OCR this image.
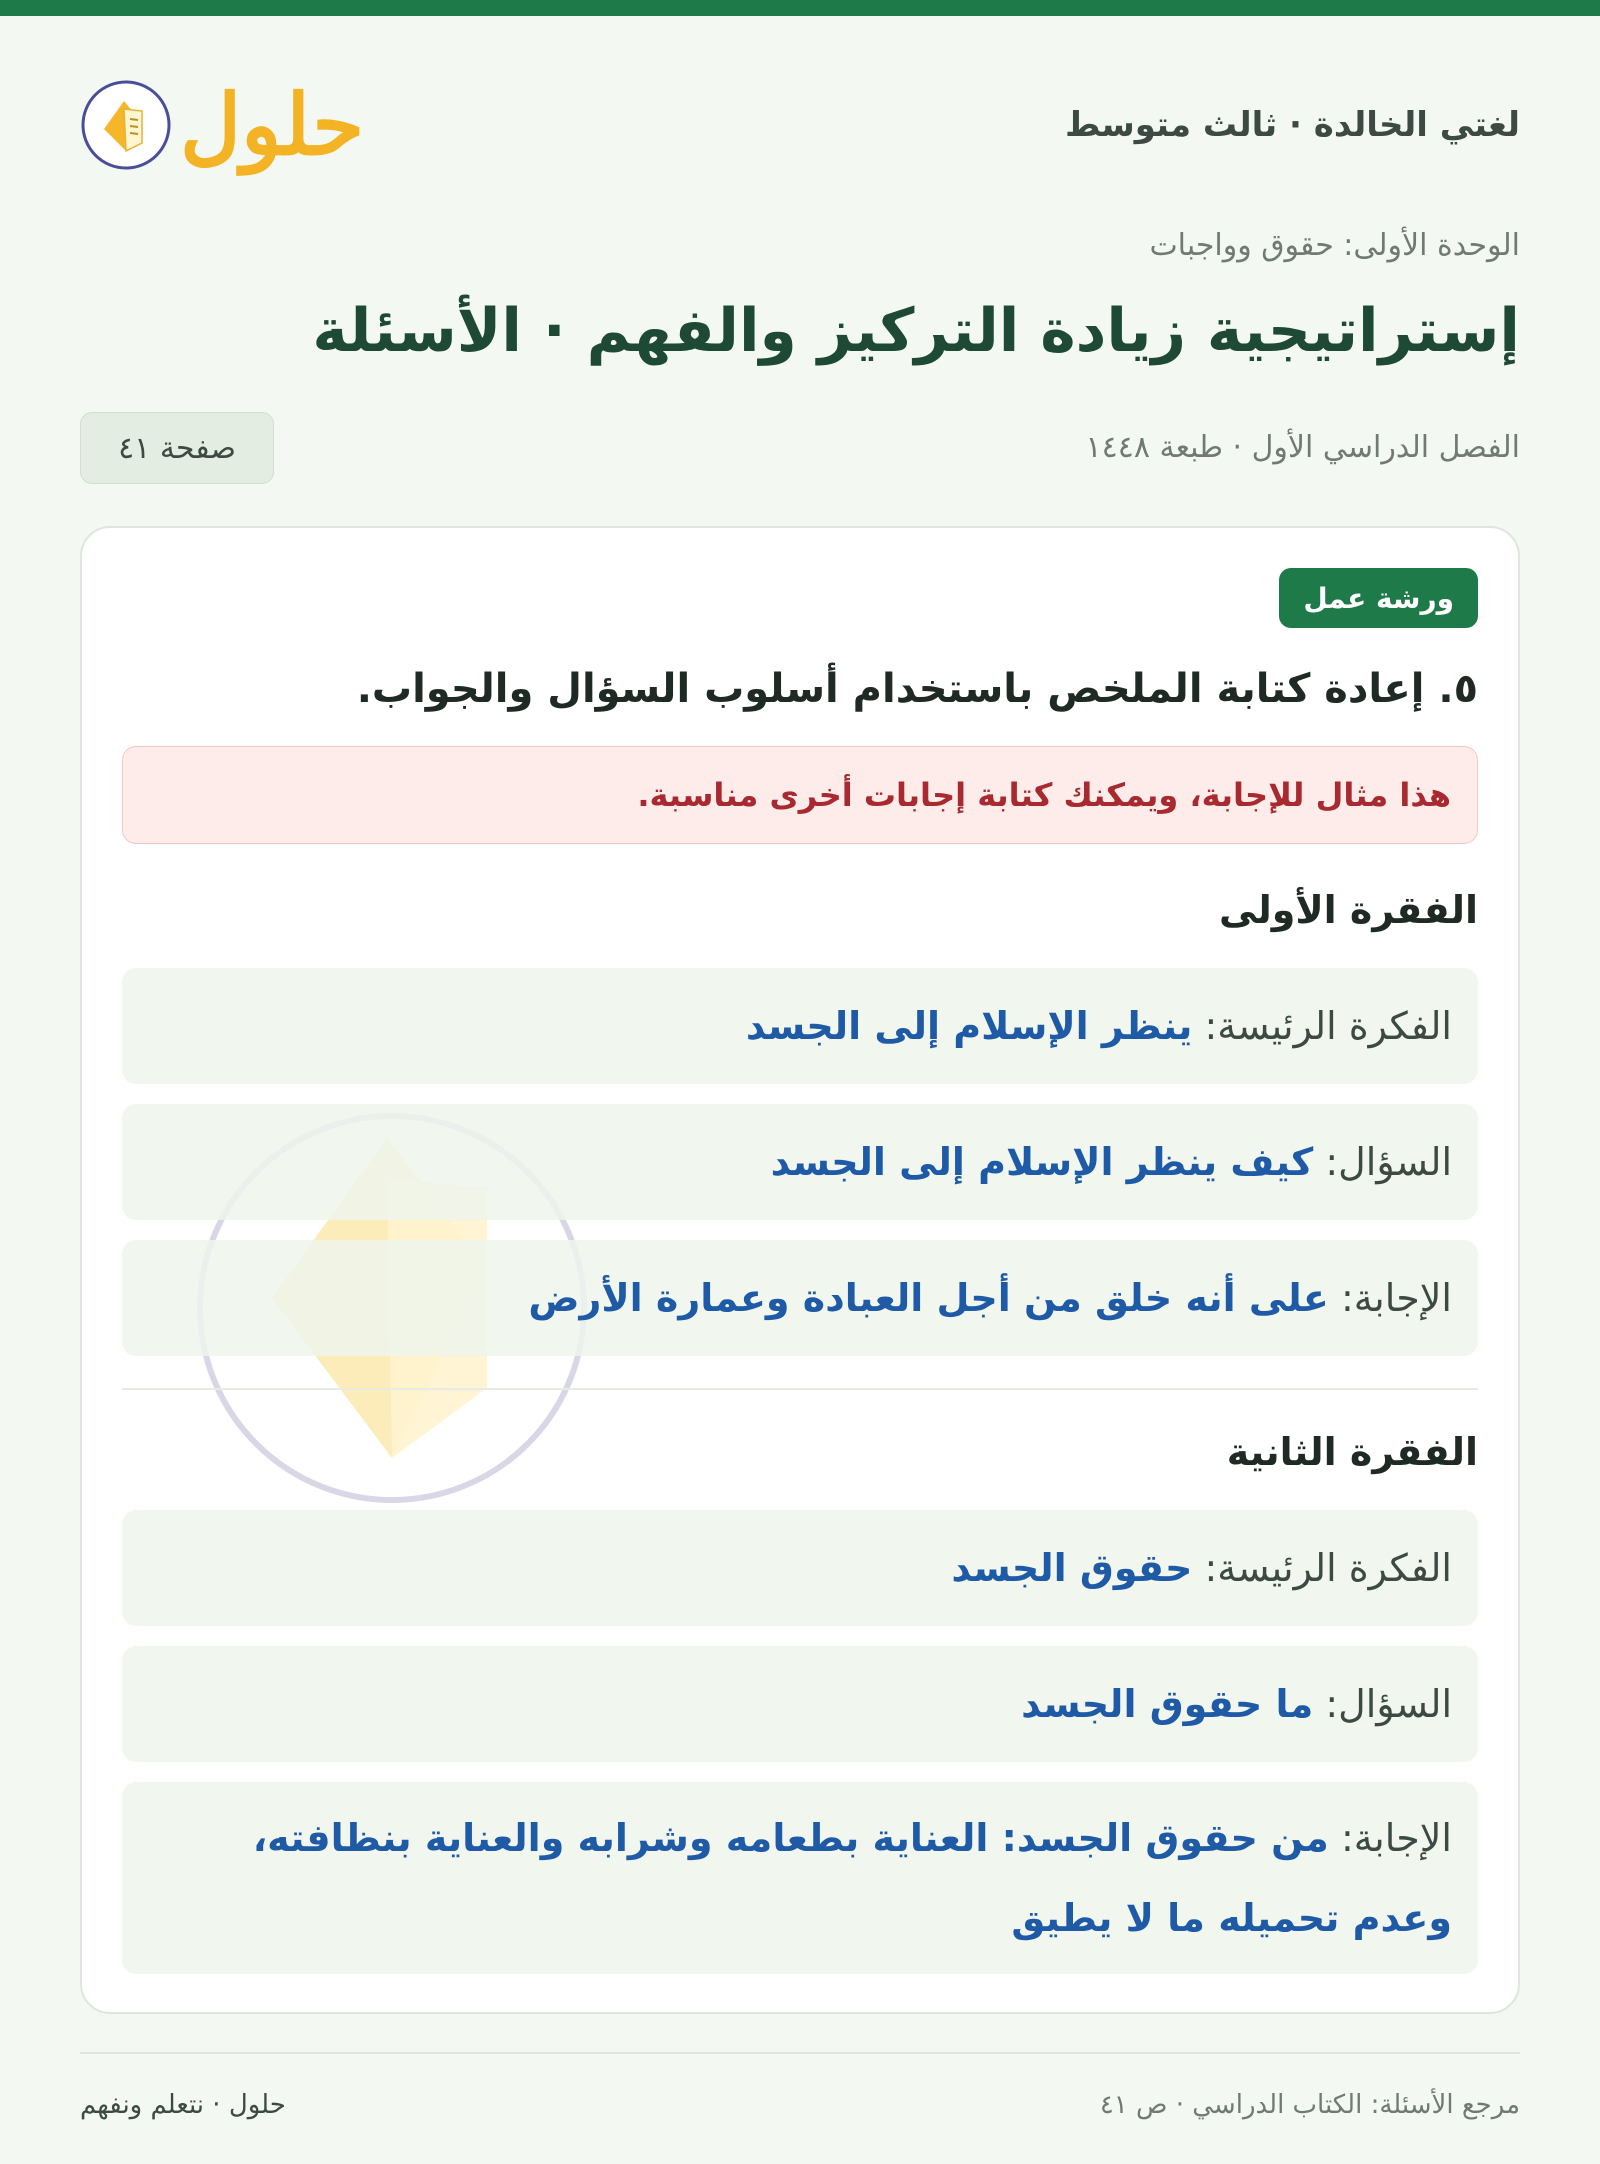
لغتي الخالدة · ثالث متوسط
حلول
الوحدة الأولى: حقوق وواجبات
إستراتيجية زيادة التركيز والفهم · الأسئلة
الفصل الدراسي الأول · طبعة ١٤٤٨
صفحة ٤١
ورشة عمل
٥. إعادة كتابة الملخص باستخدام أسلوب السؤال والجواب.
هذا مثال للإجابة، ويمكنك كتابة إجابات أخرى مناسبة.
الفقرة الأولى
الفكرة الرئيسة:

ينظر الإسلام إلى الجسد
السؤال:

كيف ينظر الإسلام إلى الجسد
الإجابة:

على أنه خلق من أجل العبادة وعمارة الأرض
الفقرة الثانية
الفكرة الرئيسة:

حقوق الجسد
السؤال:

ما حقوق الجسد
الإجابة: من حقوق الجسد: العناية بطعامه وشرابه والعناية بنظافته، وعدم تحميله ما لا يطيق
مرجع الأسئلة: الكتاب الدراسي · ص ٤١
حلول · نتعلم ونفهم
